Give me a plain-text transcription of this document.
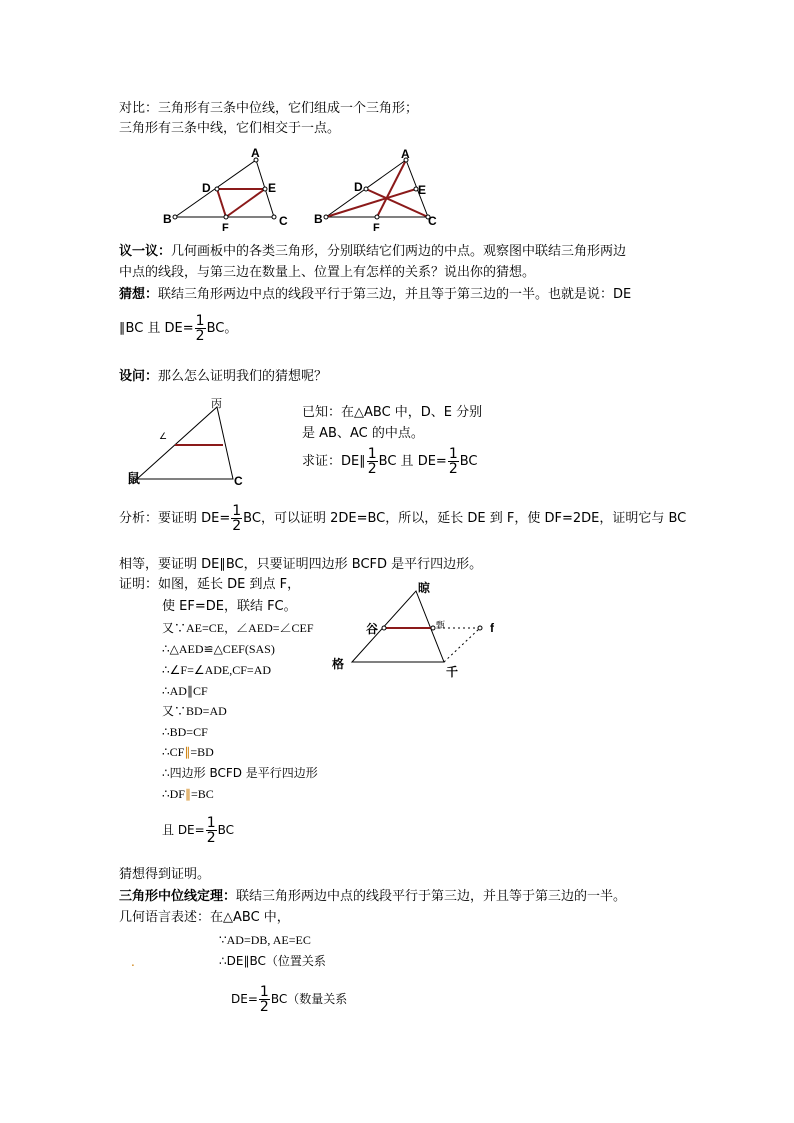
对比：三角形有三条中位线，它们组成一个三角形；
三角形有三条中线，它们相交于一点。
A
D	E
B	C
F
A
D	E
B	C
F
议一议：几何画板中的各类三角形，分别联结它们两边的中点。观察图中联结三角形两边
中点的线段，与第三边在数量上、位置上有怎样的关系？说出你的猜想。
猜想：联结三角形两边中点的线段平行于第三边，并且等于第三边的一半。也就是说：DE
∥BC 且 $DE= \frac{1}{2}$ BC。
设问：那么怎么证明我们的猜想呢？
丙
∠
鼠	C
已知：在△ABC 中，D、E 分别
是 AB、AC 的中点。
求证：DE∥ $\frac{1}{2}$ BC 且 $DE= \frac{1}{2}$ BC
分析：要证明 $DE= \frac{1}{2}$ BC，可以证明 2DE=BC，所以，延长 DE 到 F，使 DF=2DE，证明它与 BC
相等，要证明 DE∥BC，只要证明四边形 BCFD 是平行四边形。
晾
谷	甄	f
格
千
证明：如图，延长 DE 到点 F，
使 EF=DE，联结 FC。
又∵AE=CE，∠AED=∠CEF
∴△AED≌△CEF(SAS)
∴∠F=∠ADE,CF=AD
∴AD∥CF
又∵BD=AD
∴BD=CF
∴CF∥=BD
∴四边形 BCFD 是平行四边形
∴DF∥=BC
且 $DE= \frac{1}{2}$ BC
猜想得到证明。
三角形中位线定理：联结三角形两边中点的线段平行于第三边，并且等于第三边的一半。
几何语言表述：在△ABC 中，
∵AD=DB, AE=EC
.	∴DE∥BC（位置关系
$DE= \frac{1}{2} BC$（数量关系
